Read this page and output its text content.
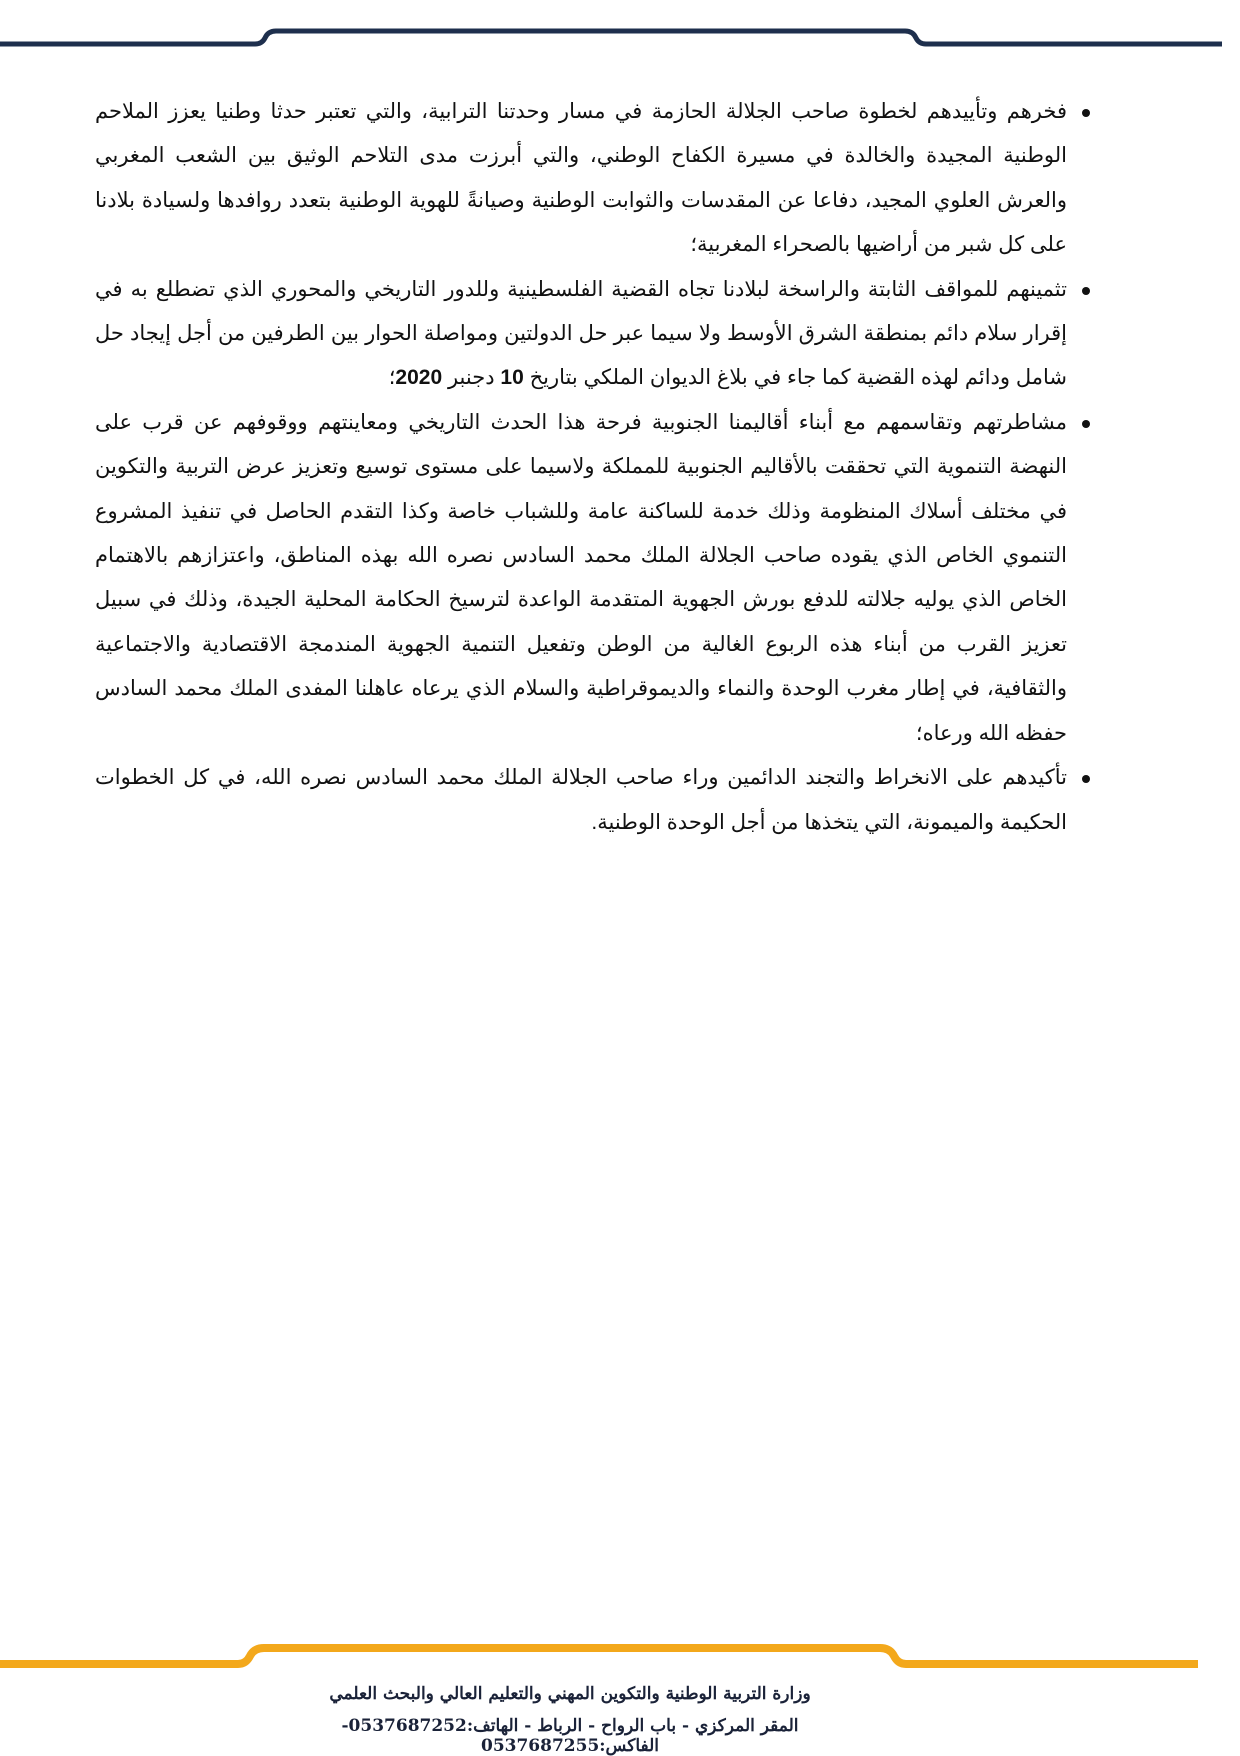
فخرهم وتأييدهم لخطوة صاحب الجلالة الحازمة في مسار وحدتنا الترابية، والتي تعتبر حدثا وطنيا يعزز الملاحم الوطنية المجيدة والخالدة في مسيرة الكفاح الوطني، والتي أبرزت مدى التلاحم الوثيق بين الشعب المغربي والعرش العلوي المجيد، دفاعا عن المقدسات والثوابت الوطنية وصيانةً للهوية الوطنية بتعدد روافدها ولسيادة بلادنا على كل شبر من أراضيها بالصحراء المغربية؛
تثمينهم للمواقف الثابتة والراسخة لبلادنا تجاه القضية الفلسطينية وللدور التاريخي والمحوري الذي تضطلع به في إقرار سلام دائم بمنطقة الشرق الأوسط ولا سيما عبر حل الدولتين ومواصلة الحوار بين الطرفين من أجل إيجاد حل شامل ودائم لهذه القضية كما جاء في بلاغ الديوان الملكي بتاريخ 10 دجنبر 2020؛
مشاطرتهم وتقاسمهم مع أبناء أقاليمنا الجنوبية فرحة هذا الحدث التاريخي ومعاينتهم ووقوفهم عن قرب على النهضة التنموية التي تحققت بالأقاليم الجنوبية للمملكة ولاسيما على مستوى توسيع وتعزيز عرض التربية والتكوين في مختلف أسلاك المنظومة وذلك خدمة للساكنة عامة وللشباب خاصة وكذا التقدم الحاصل في تنفيذ المشروع التنموي الخاص الذي يقوده صاحب الجلالة الملك محمد السادس نصره الله بهذه المناطق، واعتزازهم بالاهتمام الخاص الذي يوليه جلالته للدفع بورش الجهوية المتقدمة الواعدة لترسيخ الحكامة المحلية الجيدة، وذلك في سبيل تعزيز القرب من أبناء هذه الربوع الغالية من الوطن وتفعيل التنمية الجهوية المندمجة الاقتصادية والاجتماعية والثقافية، في إطار مغرب الوحدة والنماء والديموقراطية والسلام الذي يرعاه عاهلنا المفدى الملك محمد السادس حفظه الله ورعاه؛
تأكيدهم على الانخراط والتجند الدائمين وراء صاحب الجلالة الملك محمد السادس نصره الله، في كل الخطوات الحكيمة والميمونة، التي يتخذها من أجل الوحدة الوطنية.
وزارة التربية الوطنية والتكوين المهني والتعليم العالي والبحث العلمي
المقر المركزي - باب الرواح - الرباط - الهاتف:0537687252- الفاكس:0537687255
